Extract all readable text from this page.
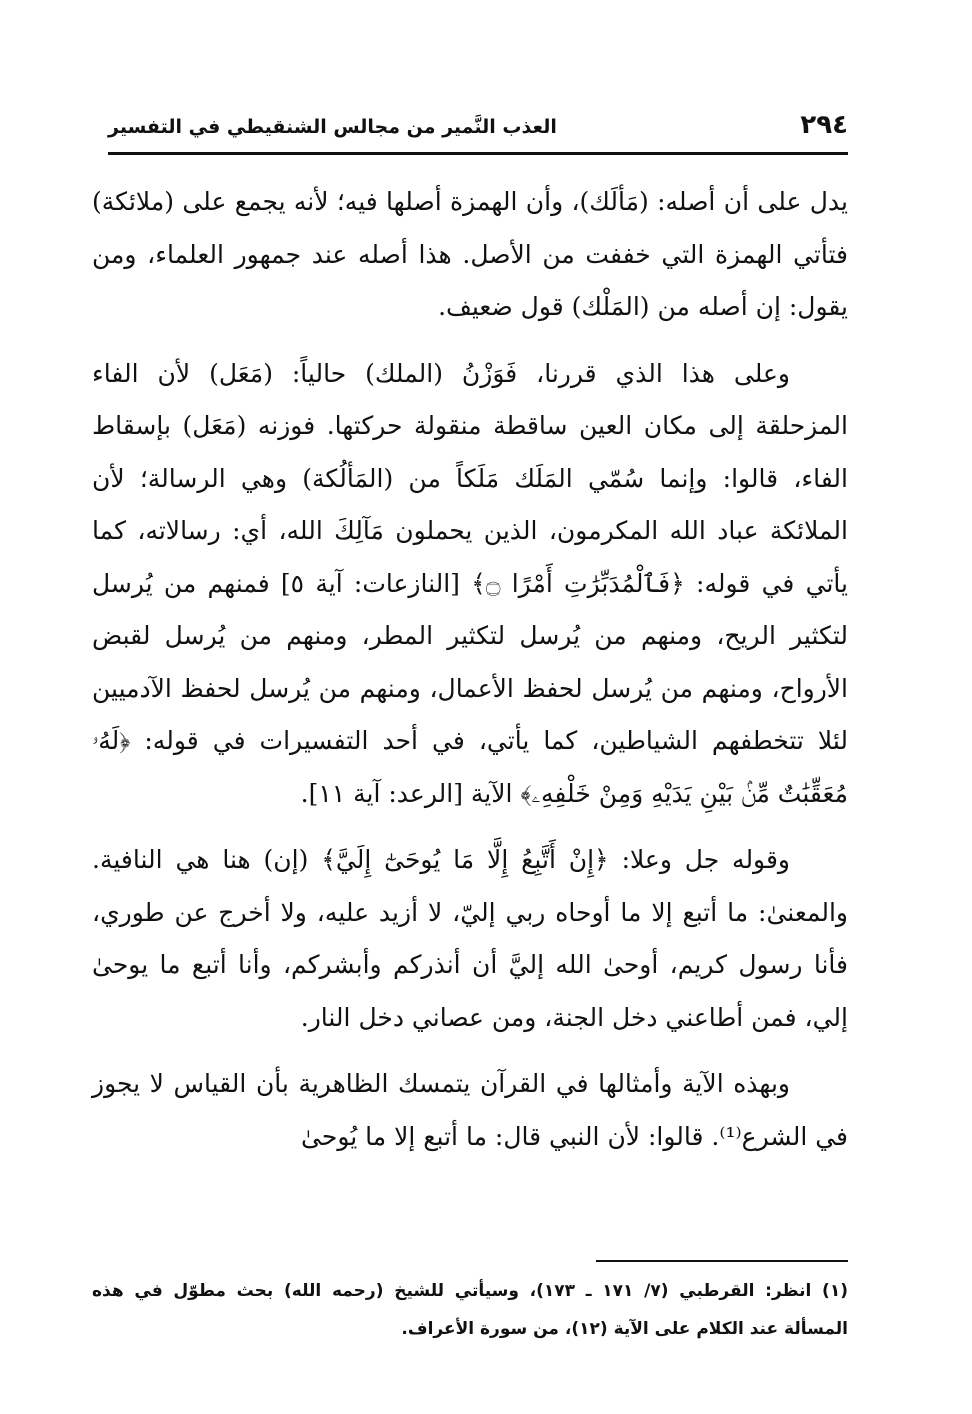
٢٩٤
العذب النَّمير من مجالس الشنقيطي في التفسير

يدل على أن أصله: (مَألَك)، وأن الهمزة أصلها فيه؛ لأنه يجمع على (ملائكة) فتأتي الهمزة التي خففت من الأصل. هذا أصله عند جمهور العلماء، ومن يقول: إن أصله من (المَلْك) قول ضعيف.

وعلى هذا الذي قررنا، فَوَزْنُ (الملك) حالياً: (مَعَل) لأن الفاء المزحلقة إلى مكان العين ساقطة منقولة حركتها. فوزنه (مَعَل) بإسقاط الفاء، قالوا: وإنما سُمّي المَلَك مَلَكاً من (المَألُكة) وهي الرسالة؛ لأن الملائكة عباد الله المكرمون، الذين يحملون مَآلِكَ الله، أي: رسالاته، كما يأتي في قوله: ﴿فَٱلْمُدَبِّرَٰتِ أَمْرًا ۝﴾ [النازعات: آية ٥] فمنهم من يُرسل لتكثير الريح، ومنهم من يُرسل لتكثير المطر، ومنهم من يُرسل لقبض الأرواح، ومنهم من يُرسل لحفظ الأعمال، ومنهم من يُرسل لحفظ الآدميين لئلا تتخطفهم الشياطين، كما يأتي، في أحد التفسيرات في قوله: ﴿لَهُۥ مُعَقِّبَٰتٌ مِّنۢ بَيْنِ يَدَيْهِ وَمِنْ خَلْفِهِۦ﴾ الآية [الرعد: آية ١١].

وقوله جل وعلا: ﴿إِنْ أَتَّبِعُ إِلَّا مَا يُوحَىٰٓ إِلَيَّ﴾ (إن) هنا هي النافية. والمعنىٰ: ما أتبع إلا ما أوحاه ربي إليّ، لا أزيد عليه، ولا أخرج عن طوري، فأنا رسول كريم، أوحىٰ الله إليَّ أن أنذركم وأبشركم، وأنا أتبع ما يوحىٰ إلي، فمن أطاعني دخل الجنة، ومن عصاني دخل النار.

وبهذه الآية وأمثالها في القرآن يتمسك الظاهرية بأن القياس لا يجوز في الشرع⁽¹⁾. قالوا: لأن النبي قال: ما أتبع إلا ما يُوحىٰ

(١) انظر: القرطبي (٧/ ١٧١ ـ ١٧٣)، وسيأتي للشيخ (رحمه الله) بحث مطوّل في هذه المسألة عند الكلام على الآية (١٢)، من سورة الأعراف.
